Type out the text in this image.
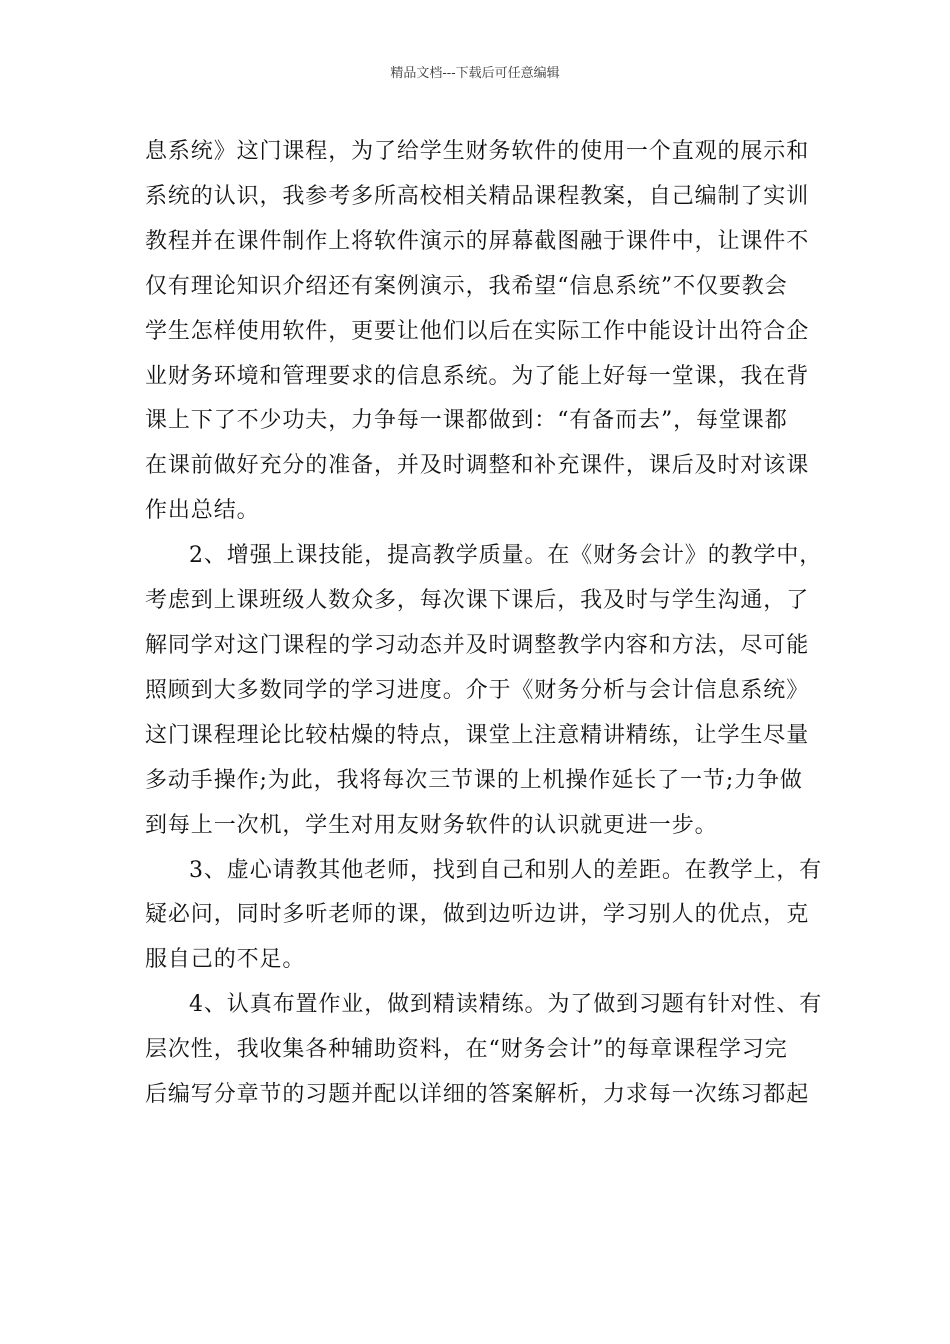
精品文档---下载后可任意编辑

息系统》这门课程，为了给学生财务软件的使用一个直观的展示和
系统的认识，我参考多所高校相关精品课程教案，自己编制了实训
教程并在课件制作上将软件演示的屏幕截图融于课件中，让课件不
仅有理论知识介绍还有案例演示，我希望“信息系统”不仅要教会
学生怎样使用软件，更要让他们以后在实际工作中能设计出符合企
业财务环境和管理要求的信息系统。为了能上好每一堂课，我在背
课上下了不少功夫，力争每一课都做到：“有备而去”，每堂课都
在课前做好充分的准备，并及时调整和补充课件，课后及时对该课
作出总结。

2、增强上课技能，提高教学质量。在《财务会计》的教学中，
考虑到上课班级人数众多，每次课下课后，我及时与学生沟通，了
解同学对这门课程的学习动态并及时调整教学内容和方法，尽可能
照顾到大多数同学的学习进度。介于《财务分析与会计信息系统》
这门课程理论比较枯燥的特点，课堂上注意精讲精练，让学生尽量
多动手操作;为此，我将每次三节课的上机操作延长了一节;力争做
到每上一次机，学生对用友财务软件的认识就更进一步。

3、虚心请教其他老师，找到自己和别人的差距。在教学上，有
疑必问，同时多听老师的课，做到边听边讲，学习别人的优点，克
服自己的不足。

4、认真布置作业，做到精读精练。为了做到习题有针对性、有
层次性，我收集各种辅助资料，在“财务会计”的每章课程学习完
后编写分章节的习题并配以详细的答案解析，力求每一次练习都起
